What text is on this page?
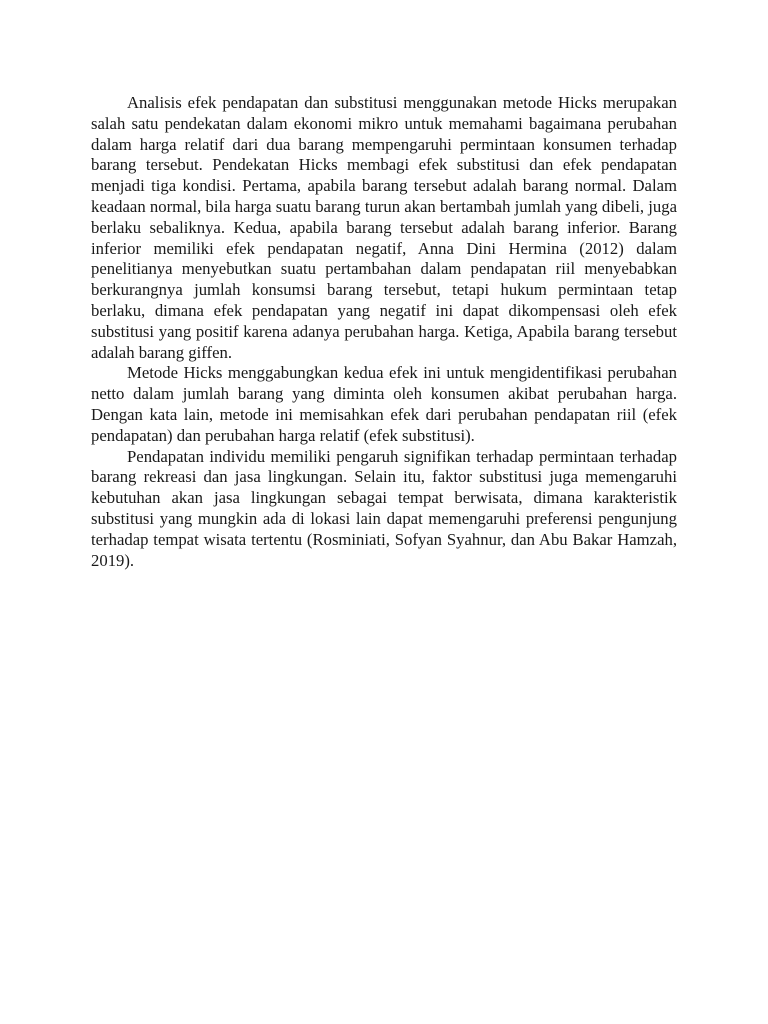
Analisis efek pendapatan dan substitusi menggunakan metode Hicks merupakan salah satu pendekatan dalam ekonomi mikro untuk memahami bagaimana perubahan dalam harga relatif dari dua barang mempengaruhi permintaan konsumen terhadap barang tersebut. Pendekatan Hicks membagi efek substitusi dan efek pendapatan menjadi tiga kondisi. Pertama, apabila barang tersebut adalah barang normal. Dalam keadaan normal, bila harga suatu barang turun akan bertambah jumlah yang dibeli, juga berlaku sebaliknya. Kedua, apabila barang tersebut adalah barang inferior. Barang inferior memiliki efek pendapatan negatif, Anna Dini Hermina (2012) dalam penelitianya menyebutkan suatu pertambahan dalam pendapatan riil menyebabkan berkurangnya jumlah konsumsi barang tersebut, tetapi hukum permintaan tetap berlaku, dimana efek pendapatan yang negatif ini dapat dikompensasi oleh efek substitusi yang positif karena adanya perubahan harga. Ketiga, Apabila barang tersebut adalah barang giffen.

Metode Hicks menggabungkan kedua efek ini untuk mengidentifikasi perubahan netto dalam jumlah barang yang diminta oleh konsumen akibat perubahan harga. Dengan kata lain, metode ini memisahkan efek dari perubahan pendapatan riil (efek pendapatan) dan perubahan harga relatif (efek substitusi).

Pendapatan individu memiliki pengaruh signifikan terhadap permintaan terhadap barang rekreasi dan jasa lingkungan. Selain itu, faktor substitusi juga memengaruhi kebutuhan akan jasa lingkungan sebagai tempat berwisata, dimana karakteristik substitusi yang mungkin ada di lokasi lain dapat memengaruhi preferensi pengunjung terhadap tempat wisata tertentu (Rosminiati, Sofyan Syahnur, dan Abu Bakar Hamzah, 2019).
